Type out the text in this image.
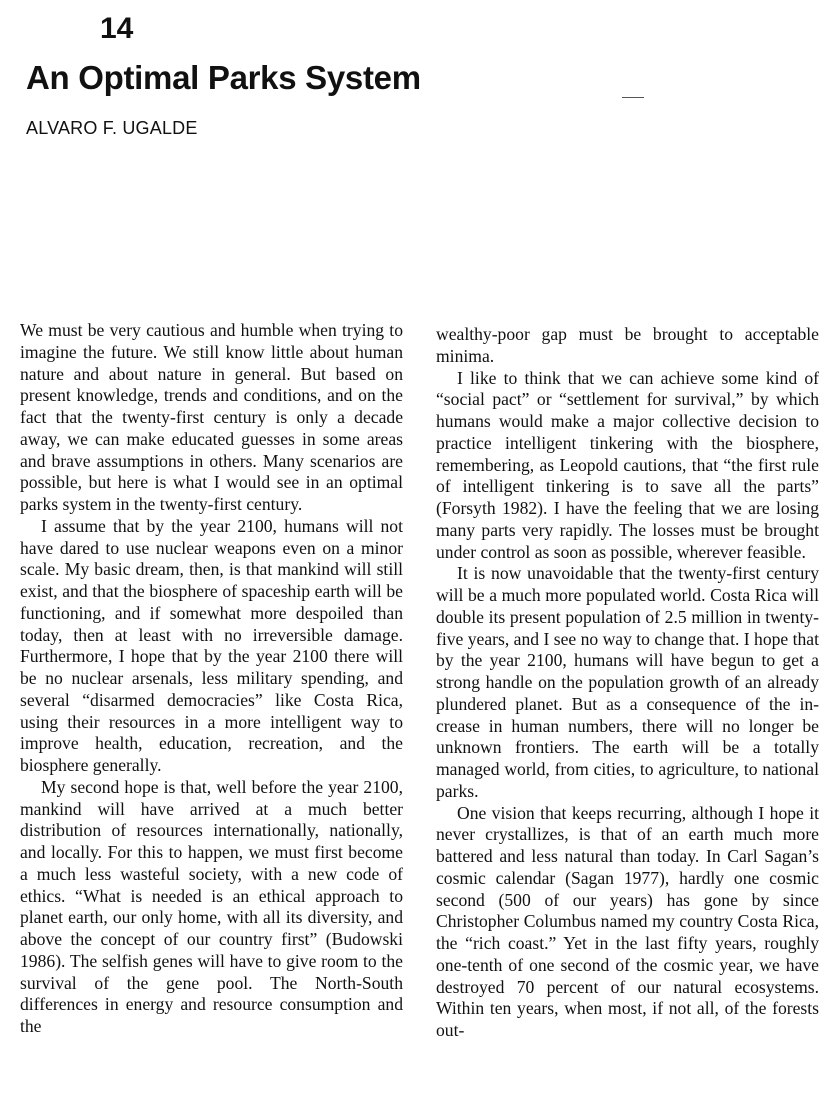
14
An Optimal Parks System
ALVARO F. UGALDE

We must be very cautious and humble when trying to imagine the future. We still know little about human nature and about nature in general. But based on present knowledge, trends and conditions, and on the fact that the twenty-first century is only a decade away, we can make educated guesses in some areas and brave assumptions in others. Many scenarios are possible, but here is what I would see in an optimal parks system in the twenty-first century.

I assume that by the year 2100, humans will not have dared to use nuclear weapons even on a minor scale. My basic dream, then, is that mankind will still exist, and that the biosphere of spaceship earth will be functioning, and if somewhat more despoiled than today, then at least with no irreversible damage. Furthermore, I hope that by the year 2100 there will be no nuclear arsenals, less military spending, and several “disarmed democracies” like Costa Rica, using their resources in a more intelligent way to improve health, education, recreation, and the biosphere generally.

My second hope is that, well before the year 2100, mankind will have arrived at a much better distribution of resources internationally, nationally, and locally. For this to happen, we must first become a much less wasteful society, with a new code of ethics. “What is needed is an ethical approach to planet earth, our only home, with all its diversity, and above the concept of our country first” (Budowski 1986). The selfish genes will have to give room to the survival of the gene pool. The North-South differences in energy and resource consumption and the

wealthy-poor gap must be brought to acceptable minima.

I like to think that we can achieve some kind of “social pact” or “settlement for survival,” by which humans would make a major collective decision to practice intelligent tinkering with the biosphere, remembering, as Leopold cautions, that “the first rule of intelligent tinkering is to save all the parts” (Forsyth 1982). I have the feeling that we are losing many parts very rapidly. The losses must be brought under control as soon as possible, wherever feasible.

It is now unavoidable that the twenty-first century will be a much more populated world. Costa Rica will double its present population of 2.5 million in twenty-five years, and I see no way to change that. I hope that by the year 2100, humans will have begun to get a strong handle on the population growth of an already plundered planet. But as a consequence of the increase in human numbers, there will no longer be unknown frontiers. The earth will be a totally managed world, from cities, to agriculture, to national parks.

One vision that keeps recurring, although I hope it never crystallizes, is that of an earth much more battered and less natural than today. In Carl Sagan’s cosmic calendar (Sagan 1977), hardly one cosmic second (500 of our years) has gone by since Christopher Columbus named my country Costa Rica, the “rich coast.” Yet in the last fifty years, roughly one-tenth of one second of the cosmic year, we have destroyed 70 percent of our natural ecosystems. Within ten years, when most, if not all, of the forests out-
